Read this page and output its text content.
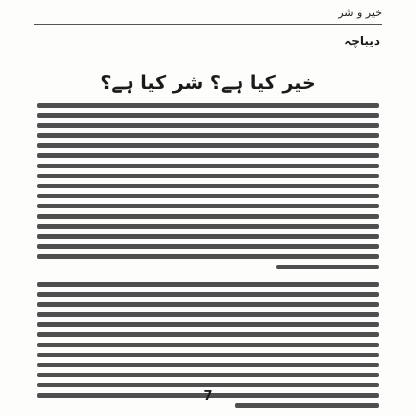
خیر و شر
دیباچہ
خیر کیا ہے؟ شر کیا ہے؟
7
